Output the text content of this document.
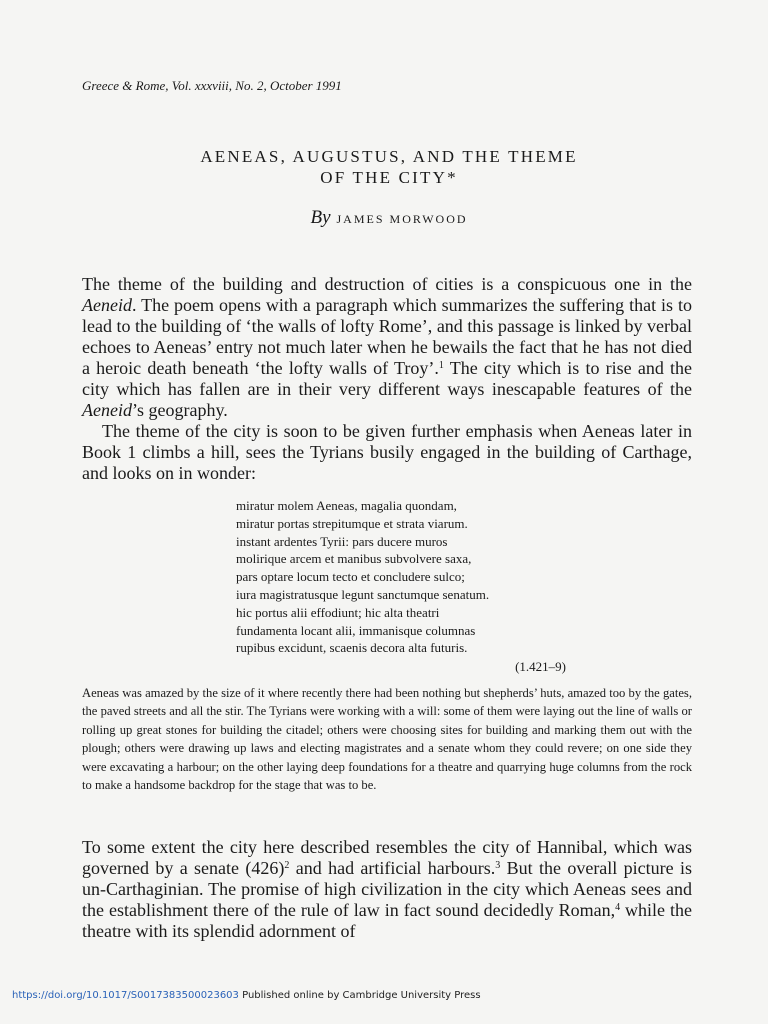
Greece & Rome, Vol. xxxviii, No. 2, October 1991
AENEAS, AUGUSTUS, AND THE THEME
OF THE CITY*
By JAMES MORWOOD

The theme of the building and destruction of cities is a conspicuous one in the Aeneid. The poem opens with a paragraph which summarizes the suffering that is to lead to the building of ‘the walls of lofty Rome’, and this passage is linked by verbal echoes to Aeneas’ entry not much later when he bewails the fact that he has not died a heroic death beneath ‘the lofty walls of Troy’.$^1$ The city which is to rise and the city which has fallen are in their very different ways inescapable features of the Aeneid’s geography.

The theme of the city is soon to be given further emphasis when Aeneas later in Book 1 climbs a hill, sees the Tyrians busily engaged in the building of Carthage, and looks on in wonder:

miratur molem Aeneas, magalia quondam,
miratur portas strepitumque et strata viarum.
instant ardentes Tyrii: pars ducere muros
molirique arcem et manibus subvolvere saxa,
pars optare locum tecto et concludere sulco;
iura magistratusque legunt sanctumque senatum.
hic portus alii effodiunt; hic alta theatri
fundamenta locant alii, immanisque columnas
rupibus excidunt, scaenis decora alta futuris.
(1.421–9)
Aeneas was amazed by the size of it where recently there had been nothing but shepherds’ huts, amazed too by the gates, the paved streets and all the stir. The Tyrians were working with a will: some of them were laying out the line of walls or rolling up great stones for building the citadel; others were choosing sites for building and marking them out with the plough; others were drawing up laws and electing magistrates and a senate whom they could revere; on one side they were excavating a harbour; on the other laying deep foundations for a theatre and quarrying huge columns from the rock to make a handsome backdrop for the stage that was to be.

To some extent the city here described resembles the city of Hannibal, which was governed by a senate $(426)^2$ and had artificial harbours.$^3$ But the overall picture is un-Carthaginian. The promise of high civilization in the city which Aeneas sees and the establishment there of the rule of law in fact sound decidedly Roman,$^4$ while the theatre with its splendid adornment of

https://doi.org/10.1017/S0017383500023603 Published online by Cambridge University Press
